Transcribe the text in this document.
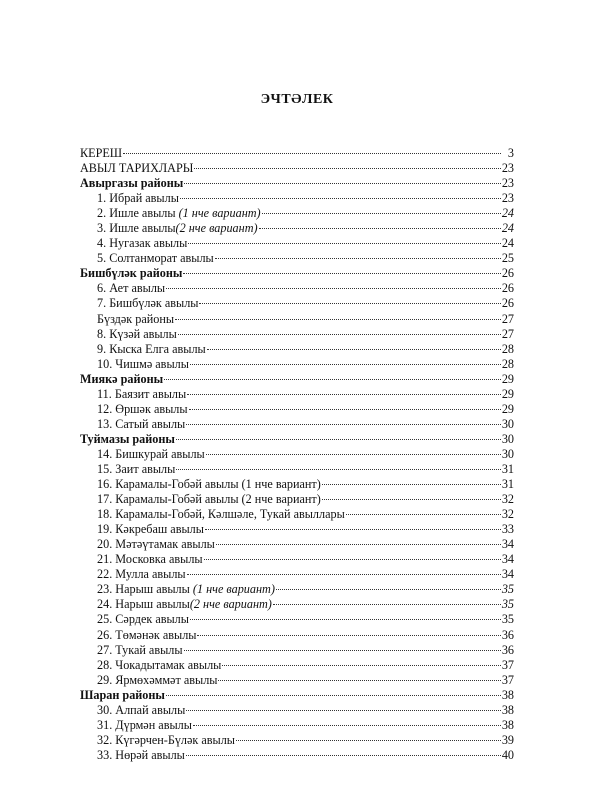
ЭЧТӘЛЕК
КЕРЕШ	3
АВЫЛ ТАРИХЛАРЫ	23
Авыргазы районы	23
1. Ибрай авылы	23
2. Ишле авылы (1 нче вариант)	24
3. Ишле авылы(2 нче вариант)	24
4. Нугазак авылы	24
5. Солтанморат авылы	25
Бишбүләк районы	26
6. Ает авылы	26
7. Бишбүләк авылы	26
Бүздәк районы	27
8. Күзәй авылы	27
9. Кыска Елга авылы	28
10. Чишмә авылы	28
Миякә районы	29
11. Баязит авылы	29
12. Өршәк авылы	29
13. Сатый авылы	30
Туймазы районы	30
14. Бишкурай авылы	30
15. Заит авылы	31
16. Карамалы-Гобәй авылы (1 нче вариант)	31
17. Карамалы-Гобәй авылы (2 нче вариант)	32
18. Карамалы-Гобәй, Кәлшәле, Тукай авыллары	32
19. Кәкребаш авылы	33
20. Мәтәүтамак авылы	34
21. Московка авылы	34
22. Мулла авылы	34
23. Нарыш авылы (1 нче вариант)	35
24. Нарыш авылы(2 нче вариант)	35
25. Сәрдек авылы	35
26. Төмәнәк авылы	36
27. Тукай авылы	36
28. Чокадытамак авылы	37
29. Ярмөхәммәт авылы	37
Шаран районы	38
30. Алпай авылы	38
31. Дүрмән авылы	38
32. Күгәрчен-Бүләк авылы	39
33. Нөрәй авылы	40
